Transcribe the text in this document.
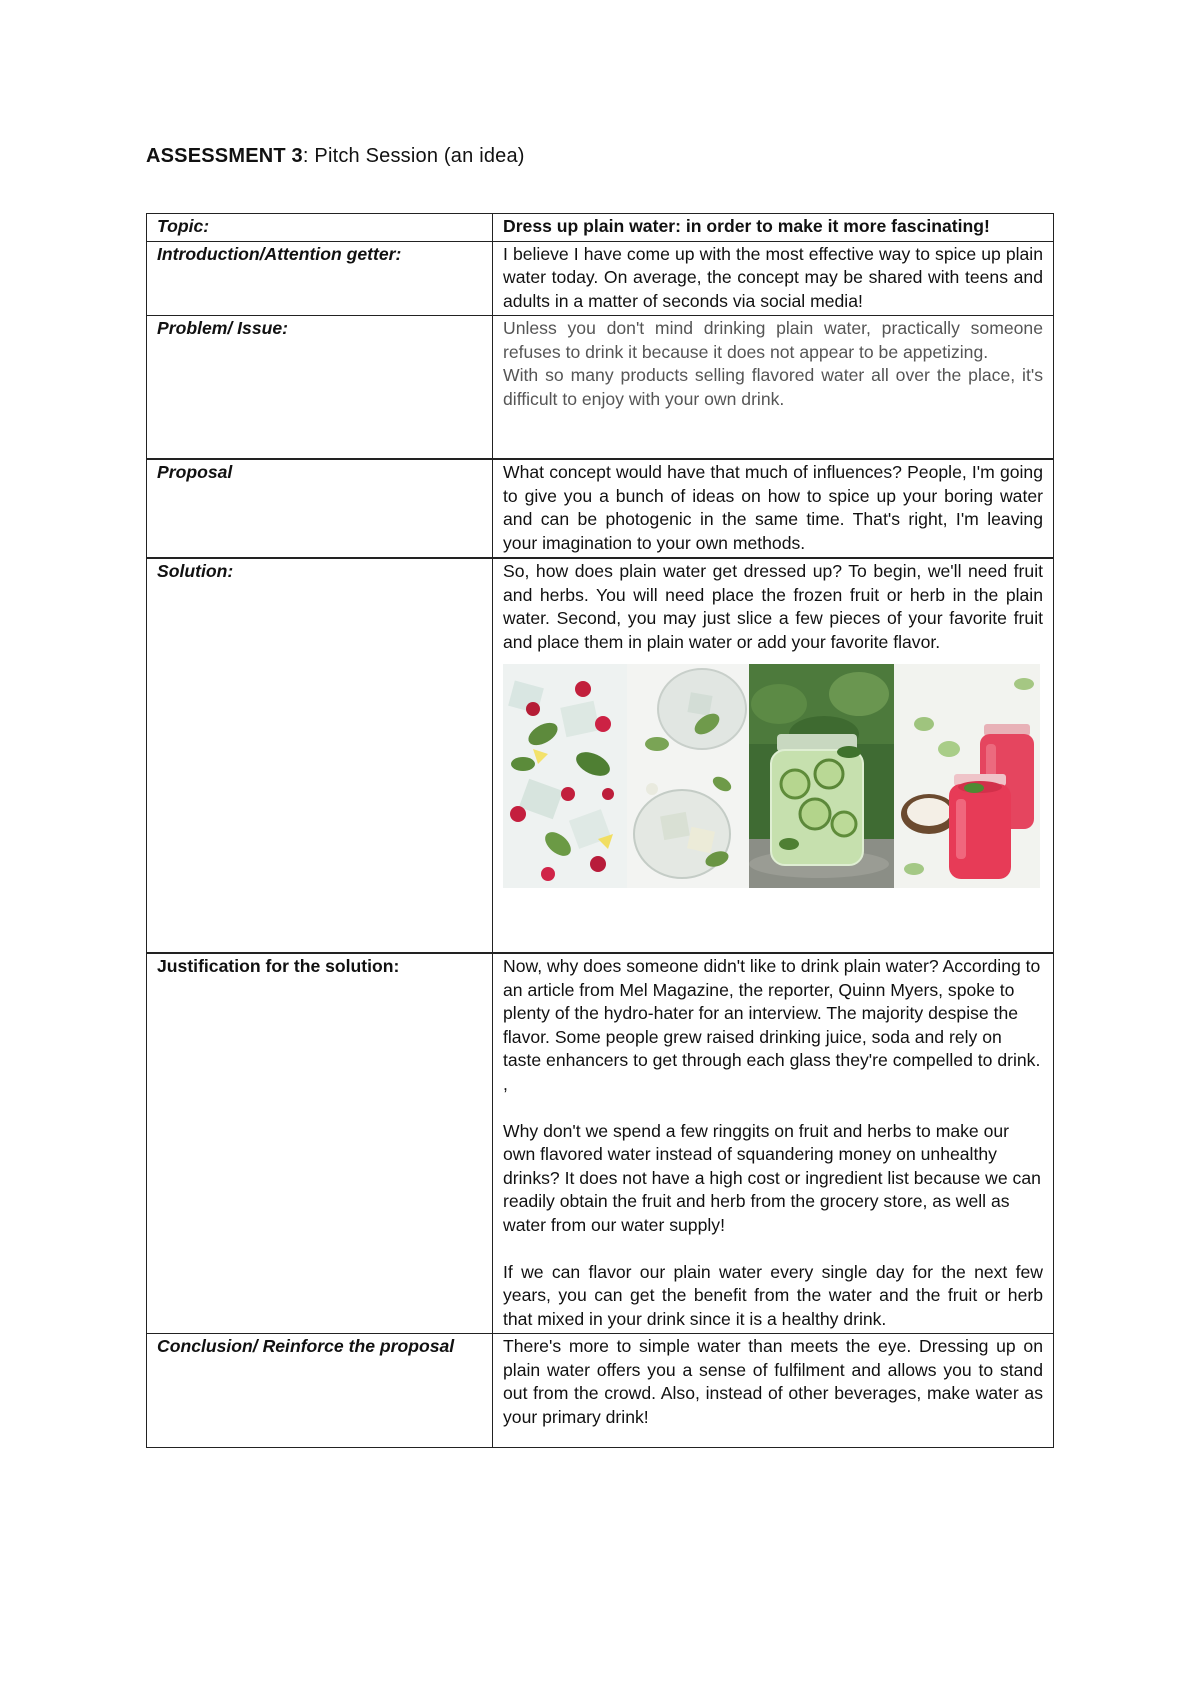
ASSESSMENT 3: Pitch Session (an idea)
Topic:	Dress up plain water: in order to make it more fascinating!
Introduction/Attention getter:	I believe I have come up with the most effective way to spice up plain water today. On average, the concept may be shared with teens and adults in a matter of seconds via social media!
Problem/ Issue:	Unless you don't mind drinking plain water, practically someone refuses to drink it because it does not appear to be appetizing.

With so many products selling flavored water all over the place, it's difficult to enjoy with your own drink.

Proposal	What concept would have that much of influences? People, I'm going to give you a bunch of ideas on how to spice up your boring water and can be photogenic in the same time. That's right, I'm leaving your imagination to your own methods.
Solution:	So, how does plain water get dressed up? To begin, we'll need fruit and herbs. You will need place the frozen fruit or herb in the plain water. Second, you may just slice a few pieces of your favorite fruit and place them in plain water or add your favorite flavor.

Justification for the solution:	Now, why does someone didn't like to drink plain water? According to an article from Mel Magazine, the reporter, Quinn Myers, spoke to plenty of the hydro-hater for an interview. The majority despise the flavor. Some people grew raised drinking juice, soda and rely on taste enhancers to get through each glass they're compelled to drink. ,

Why don't we spend a few ringgits on fruit and herbs to make our own flavored water instead of squandering money on unhealthy drinks? It does not have a high cost or ingredient list because we can readily obtain the fruit and herb from the grocery store, as well as water from our water supply!

If we can flavor our plain water every single day for the next few years, you can get the benefit from the water and the fruit or herb that mixed in your drink since it is a healthy drink.

Conclusion/ Reinforce the proposal	There's more to simple water than meets the eye. Dressing up on plain water offers you a sense of fulfilment and allows you to stand out from the crowd. Also, instead of other beverages, make water as your primary drink!
